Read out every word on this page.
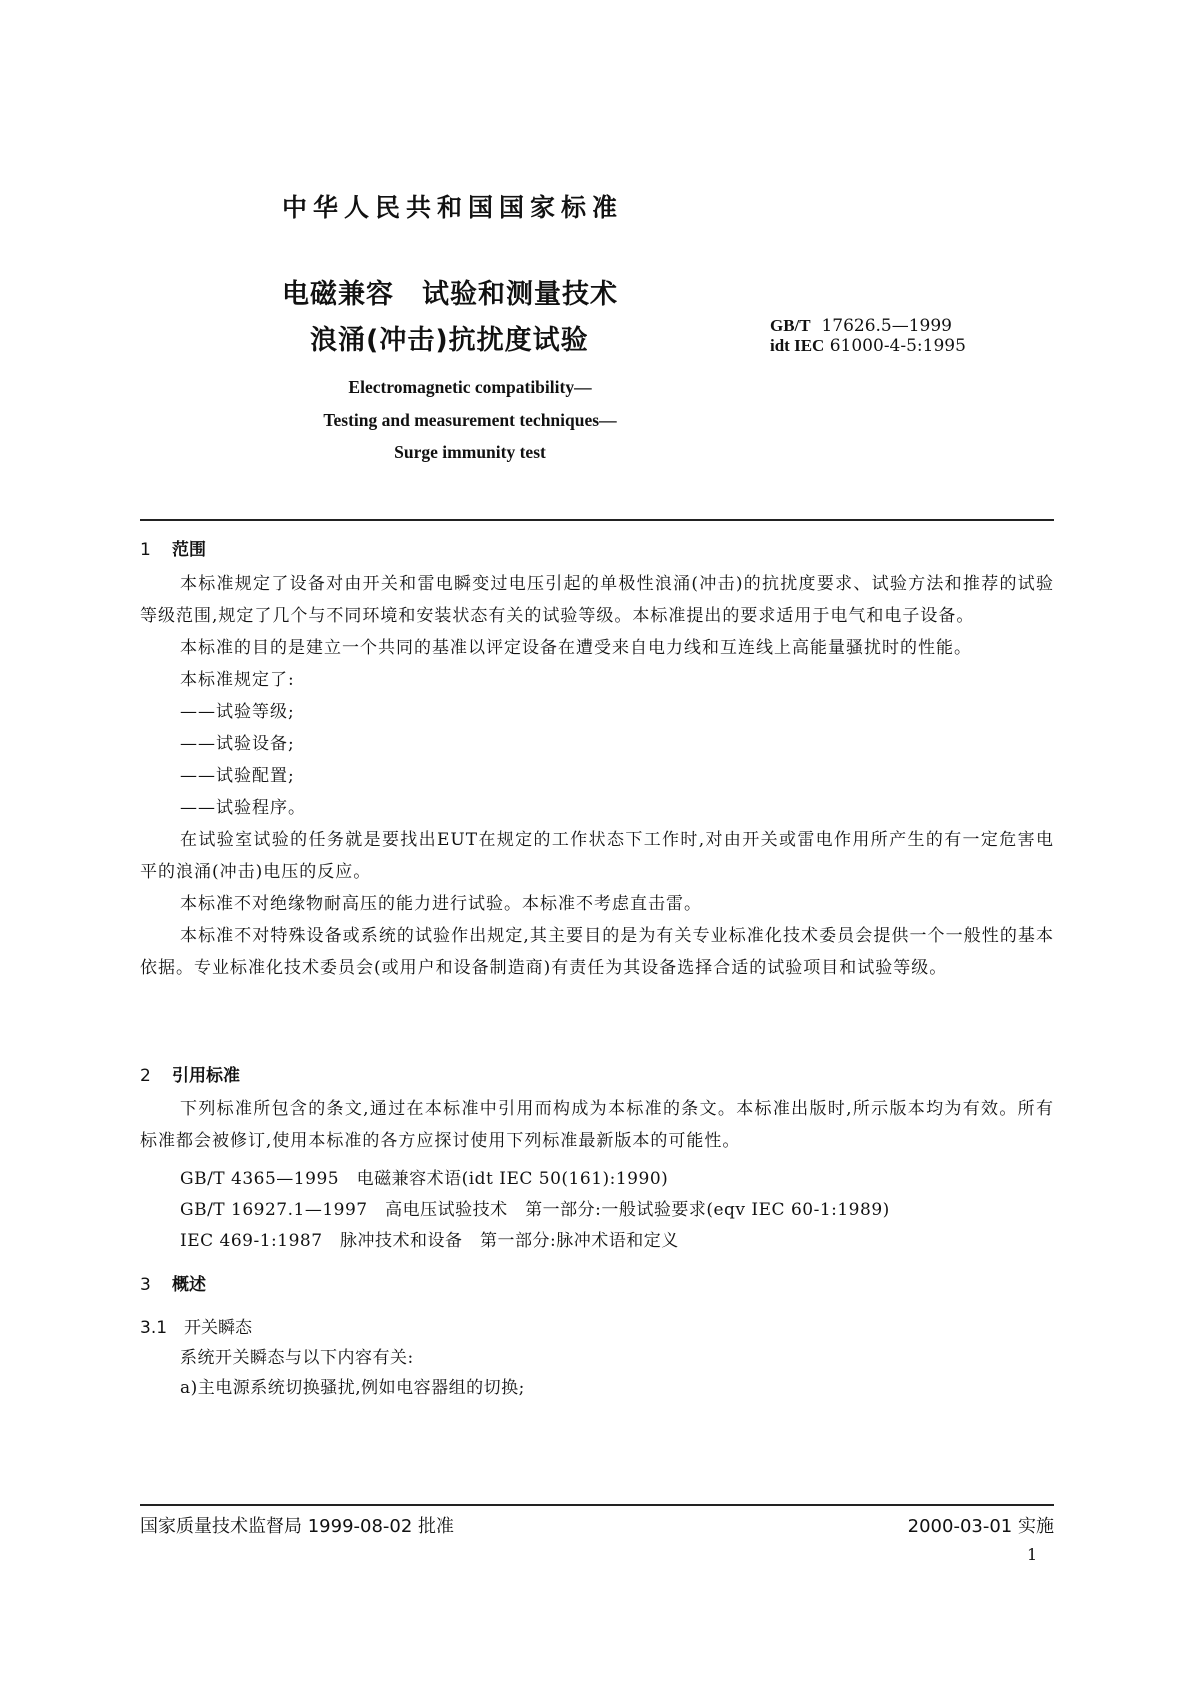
中华人民共和国国家标准
电磁兼容　试验和测量技术
浪涌(冲击)抗扰度试验	GB/T 17626.5—1999
idt IEC 61000-4-5:1995
Electromagnetic compatibility—
Testing and measurement techniques—
Surge immunity test
1 范围

本标准规定了设备对由开关和雷电瞬变过电压引起的单极性浪涌(冲击)的抗扰度要求、试验方法和推荐的试验等级范围,规定了几个与不同环境和安装状态有关的试验等级。本标准提出的要求适用于电气和电子设备。

本标准的目的是建立一个共同的基准以评定设备在遭受来自电力线和互连线上高能量骚扰时的性能。

本标准规定了:

——试验等级;

——试验设备;

——试验配置;

——试验程序。

在试验室试验的任务就是要找出EUT在规定的工作状态下工作时,对由开关或雷电作用所产生的有一定危害电平的浪涌(冲击)电压的反应。

本标准不对绝缘物耐高压的能力进行试验。本标准不考虑直击雷。

本标准不对特殊设备或系统的试验作出规定,其主要目的是为有关专业标准化技术委员会提供一个一般性的基本依据。专业标准化技术委员会(或用户和设备制造商)有责任为其设备选择合适的试验项目和试验等级。

2 引用标准

下列标准所包含的条文,通过在本标准中引用而构成为本标准的条文。本标准出版时,所示版本均为有效。所有标准都会被修订,使用本标准的各方应探讨使用下列标准最新版本的可能性。

GB/T 4365—1995　电磁兼容术语(idt IEC 50(161):1990)
GB/T 16927.1—1997　高电压试验技术　第一部分:一般试验要求(eqv IEC 60-1:1989)
IEC 469-1:1987　脉冲技术和设备　第一部分:脉冲术语和定义
3 概述
3.1 开关瞬态
系统开关瞬态与以下内容有关:
a)主电源系统切换骚扰,例如电容器组的切换;
国家质量技术监督局 1999-08-02 批准	2000-03-01 实施
1
